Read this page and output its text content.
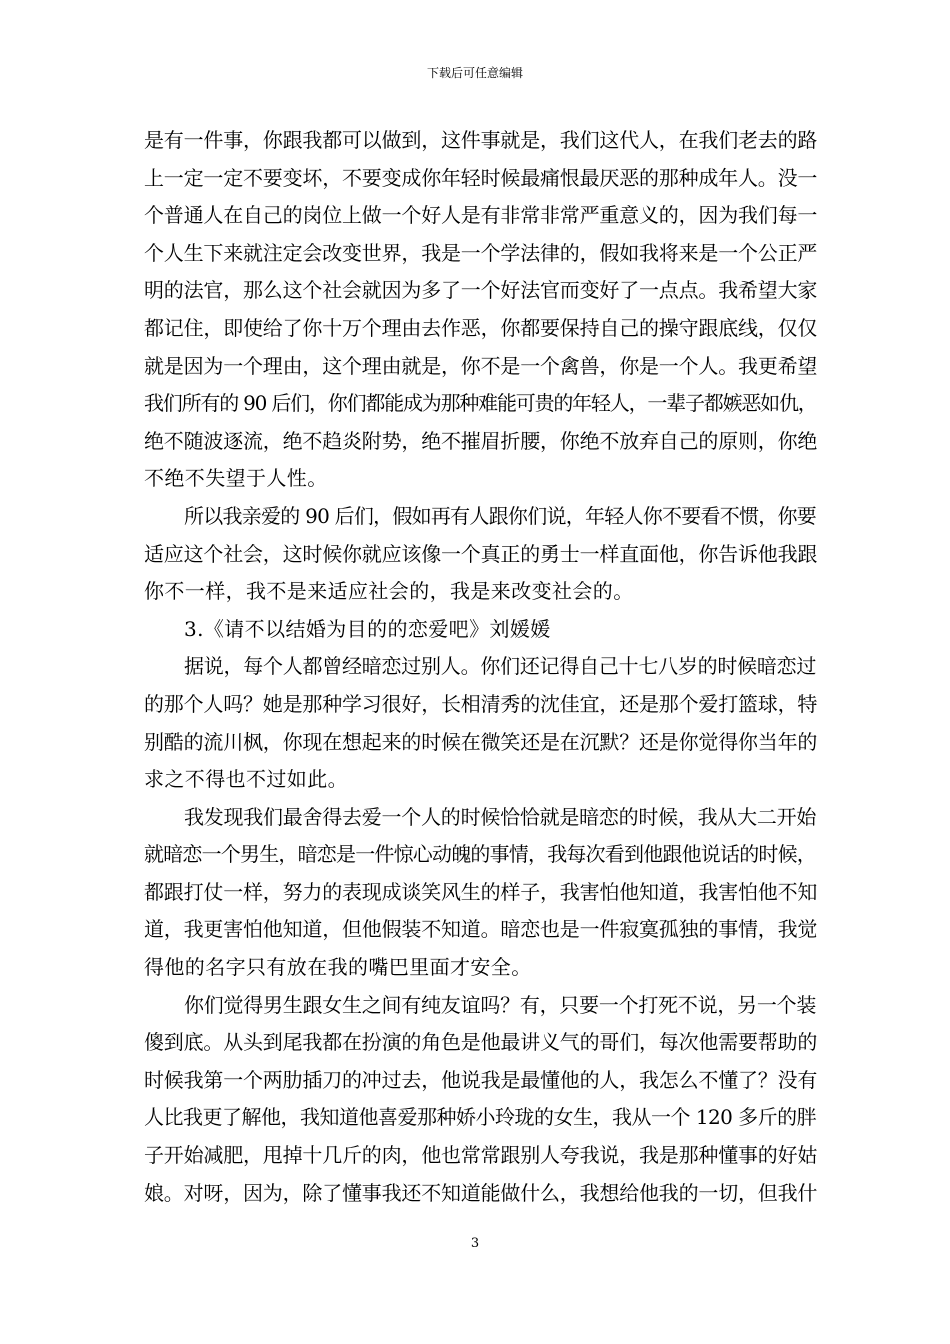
下载后可任意编辑
是有一件事，你跟我都可以做到，这件事就是，我们这代人，在我们老去的路
上一定一定不要变坏，不要变成你年轻时候最痛恨最厌恶的那种成年人。没一
个普通人在自己的岗位上做一个好人是有非常非常严重意义的，因为我们每一
个人生下来就注定会改变世界，我是一个学法律的，假如我将来是一个公正严
明的法官，那么这个社会就因为多了一个好法官而变好了一点点。我希望大家
都记住，即使给了你十万个理由去作恶，你都要保持自己的操守跟底线，仅仅
就是因为一个理由，这个理由就是，你不是一个禽兽，你是一个人。我更希望
我们所有的 90 后们，你们都能成为那种难能可贵的年轻人，一辈子都嫉恶如仇，
绝不随波逐流，绝不趋炎附势，绝不摧眉折腰，你绝不放弃自己的原则，你绝
不绝不失望于人性。
所以我亲爱的 90 后们，假如再有人跟你们说，年轻人你不要看不惯，你要
适应这个社会，这时候你就应该像一个真正的勇士一样直面他，你告诉他我跟
你不一样，我不是来适应社会的，我是来改变社会的。
3.《请不以结婚为目的的恋爱吧》刘媛媛
据说，每个人都曾经暗恋过别人。你们还记得自己十七八岁的时候暗恋过
的那个人吗？她是那种学习很好，长相清秀的沈佳宜，还是那个爱打篮球，特
别酷的流川枫，你现在想起来的时候在微笑还是在沉默？还是你觉得你当年的
求之不得也不过如此。
我发现我们最舍得去爱一个人的时候恰恰就是暗恋的时候，我从大二开始
就暗恋一个男生，暗恋是一件惊心动魄的事情，我每次看到他跟他说话的时候，
都跟打仗一样，努力的表现成谈笑风生的样子，我害怕他知道，我害怕他不知
道，我更害怕他知道，但他假装不知道。暗恋也是一件寂寞孤独的事情，我觉
得他的名字只有放在我的嘴巴里面才安全。
你们觉得男生跟女生之间有纯友谊吗？有，只要一个打死不说，另一个装
傻到底。从头到尾我都在扮演的角色是他最讲义气的哥们，每次他需要帮助的
时候我第一个两肋插刀的冲过去，他说我是最懂他的人，我怎么不懂了？没有
人比我更了解他，我知道他喜爱那种娇小玲珑的女生，我从一个 120 多斤的胖
子开始减肥，甩掉十几斤的肉，他也常常跟别人夸我说，我是那种懂事的好姑
娘。对呀，因为，除了懂事我还不知道能做什么，我想给他我的一切，但我什
3
